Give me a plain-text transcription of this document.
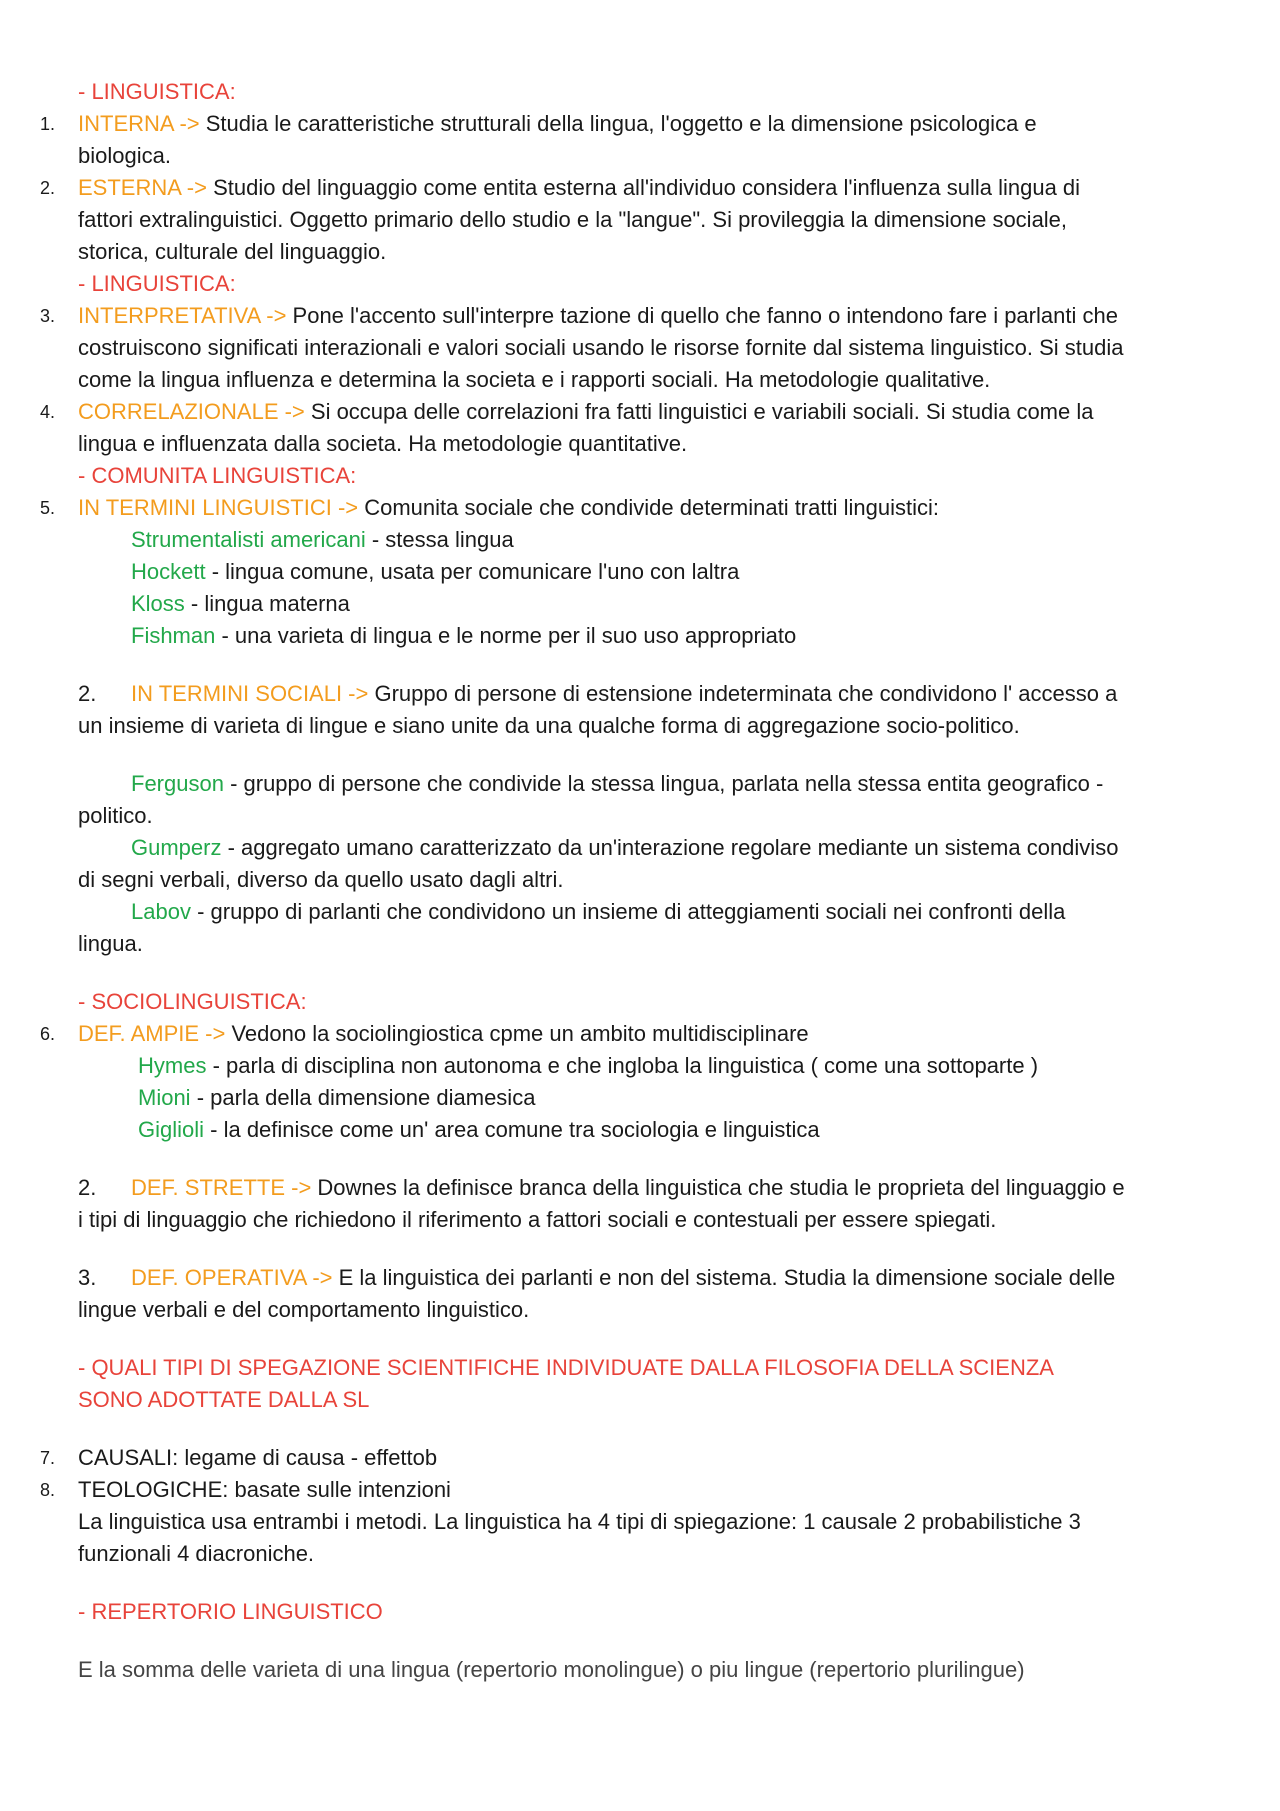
- LINGUISTICA:
1. INTERNA -> Studia le caratteristiche strutturali della lingua, l'oggetto e la dimensione psicologica e
biologica.
2. ESTERNA -> Studio del linguaggio come entita esterna all'individuo considera l'influenza sulla lingua di
fattori extralinguistici. Oggetto primario dello studio e la "langue". Si provileggia la dimensione sociale,
storica, culturale del linguaggio.
- LINGUISTICA:
3. INTERPRETATIVA -> Pone l'accento sull'interpre tazione di quello che fanno o intendono fare i parlanti che
costruiscono significati interazionali e valori sociali usando le risorse fornite dal sistema linguistico. Si studia
come la lingua influenza e determina la societa e i rapporti sociali. Ha metodologie qualitative.
4. CORRELAZIONALE -> Si occupa delle correlazioni fra fatti linguistici e variabili sociali. Si studia come la
lingua e influenzata dalla societa. Ha metodologie quantitative.
- COMUNITA LINGUISTICA:
5. IN TERMINI LINGUISTICI -> Comunita sociale che condivide determinati tratti linguistici:
Strumentalisti americani - stessa lingua
Hockett - lingua comune, usata per comunicare l'uno con laltra
Kloss - lingua materna
Fishman - una varieta di lingua e le norme per il suo uso appropriato
2. IN TERMINI SOCIALI -> Gruppo di persone di estensione indeterminata che condividono l' accesso a
un insieme di varieta di lingue e siano unite da una qualche forma di aggregazione socio-politico.
Ferguson - gruppo di persone che condivide la stessa lingua, parlata nella stessa entita geografico -
politico.
Gumperz - aggregato umano caratterizzato da un'interazione regolare mediante un sistema condiviso
di segni verbali, diverso da quello usato dagli altri.
Labov - gruppo di parlanti che condividono un insieme di atteggiamenti sociali nei confronti della
lingua.
- SOCIOLINGUISTICA:
6. DEF. AMPIE -> Vedono la sociolingiostica cpme un ambito multidisciplinare
Hymes - parla di disciplina non autonoma e che ingloba la linguistica ( come una sottoparte )
Mioni - parla della dimensione diamesica
Giglioli - la definisce come un' area comune tra sociologia e linguistica
2. DEF. STRETTE -> Downes la definisce branca della linguistica che studia le proprieta del linguaggio e
i tipi di linguaggio che richiedono il riferimento a fattori sociali e contestuali per essere spiegati.
3. DEF. OPERATIVA -> E la linguistica dei parlanti e non del sistema. Studia la dimensione sociale delle
lingue verbali e del comportamento linguistico.
- QUALI TIPI DI SPEGAZIONE SCIENTIFICHE INDIVIDUATE DALLA FILOSOFIA DELLA SCIENZA
SONO ADOTTATE DALLA SL
7. CAUSALI: legame di causa - effettob
8. TEOLOGICHE: basate sulle intenzioni
La linguistica usa entrambi i metodi. La linguistica ha 4 tipi di spiegazione: 1 causale 2 probabilistiche 3
funzionali 4 diacroniche.
- REPERTORIO LINGUISTICO
E la somma delle varieta di una lingua (repertorio monolingue) o piu lingue (repertorio plurilingue)
